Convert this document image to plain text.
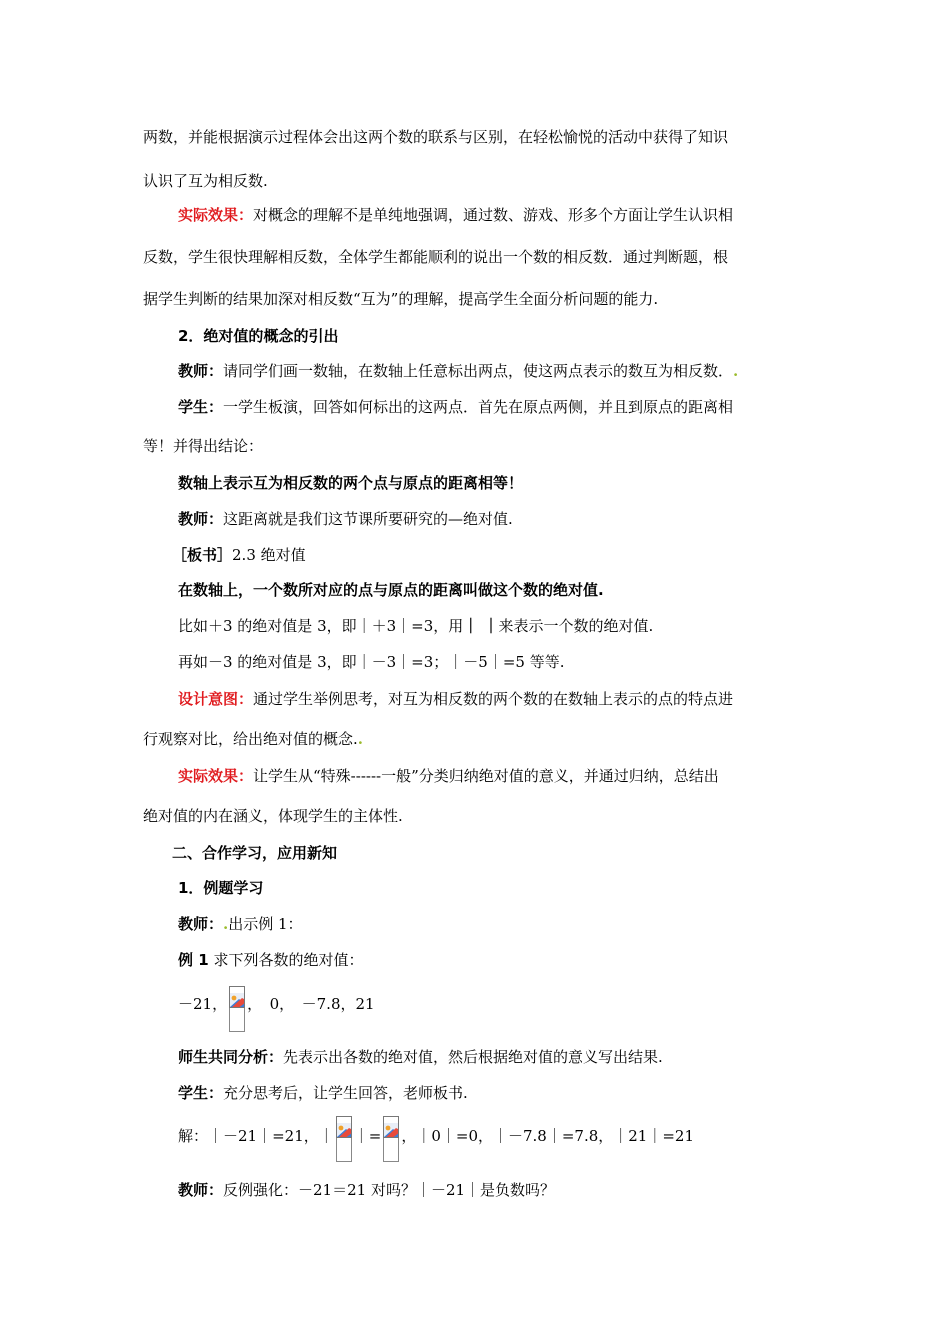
两数，并能根据演示过程体会出这两个数的联系与区别，在轻松愉悦的活动中获得了知识
认识了互为相反数.
实际效果：对概念的理解不是单纯地强调，通过数、游戏、形多个方面让学生认识相
反数，学生很快理解相反数，全体学生都能顺利的说出一个数的相反数．通过判断题，根
据学生判断的结果加深对相反数“互为”的理解，提高学生全面分析问题的能力.
2．绝对值的概念的引出
教师：请同学们画一数轴，在数轴上任意标出两点，使这两点表示的数互为相反数．.
学生：一学生板演，回答如何标出的这两点．首先在原点两侧，并且到原点的距离相
等！并得出结论：
数轴上表示互为相反数的两个点与原点的距离相等！
教师：这距离就是我们这节课所要研究的—绝对值.
［板书］2.3 绝对值
在数轴上，一个数所对应的点与原点的距离叫做这个数的绝对值.
比如＋3 的绝对值是 3，即｜＋3｜=3，用｜ ｜来表示一个数的绝对值.
再如－3 的绝对值是 3，即｜－3｜=3；｜－5｜=5 等等.
设计意图：通过学生举例思考，对互为相反数的两个数的在数轴上表示的点的特点进
行观察对比，给出绝对值的概念..
实际效果：让学生从“特殊------一般”分类归纳绝对值的意义，并通过归纳，总结出
绝对值的内在涵义，体现学生的主体性.
二、合作学习，应用新知
1．例题学习
教师：.出示例 1：
例 1 求下列各数的绝对值：
－21， ，　0，　－7.8，21
师生共同分析：先表示出各数的绝对值，然后根据绝对值的意义写出结果.
学生：充分思考后，让学生回答，老师板书.
解：｜－21｜=21，｜ ｜= ，｜0｜=0，｜－7.8｜=7.8，｜21｜=21
教师：反例强化：－21＝21 对吗？｜－21｜是负数吗？
